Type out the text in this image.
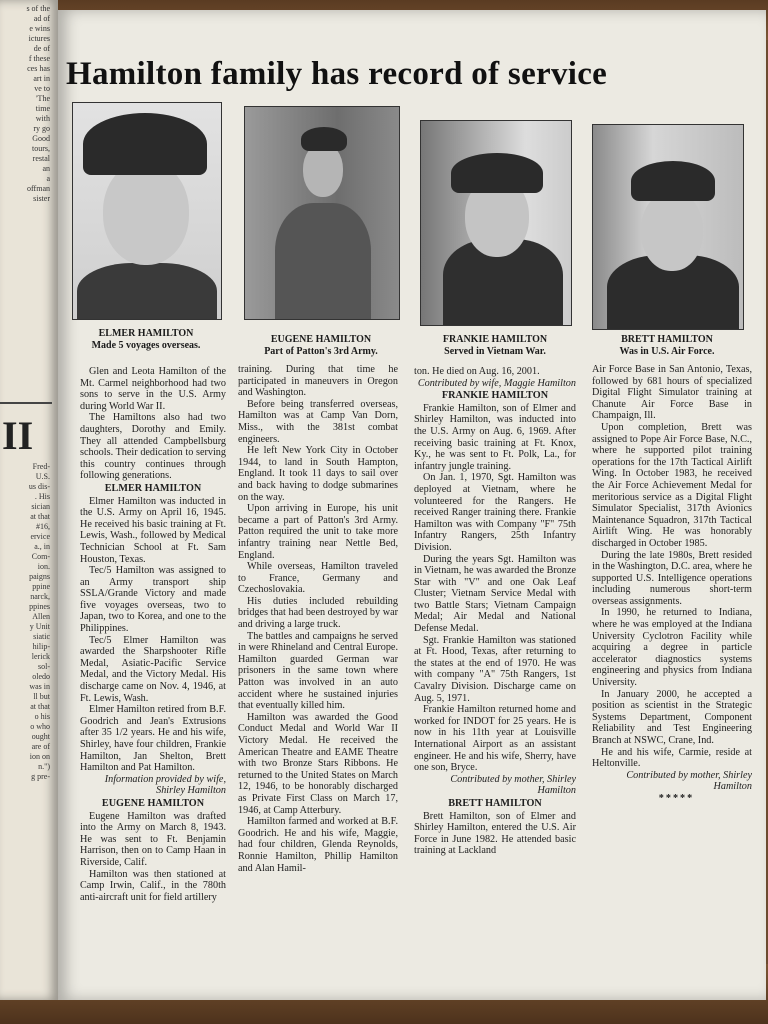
s of the
ad of
e wins
ictures
de of
f these
ces has
art in
ve to
'The
time
with
ry go
Good
tours,
restal
an
a
offman
sister
II
Fred-
U.S.
us dis-
. His
sician
at that
#16,
ervice
a., in
Com-
ion.
paigns
ppine
narck,
ppines
Allen
y Unit
siatic
hilip-
lerick
sol-
oledo
was in
ll but
at that
o his
o who
ought
are of
ion on
n.")
g pre-
Hamilton family has record of service
ELMER HAMILTON
Made 5 voyages overseas.
EUGENE HAMILTON
Part of Patton's 3rd Army.
FRANKIE HAMILTON
Served in Vietnam War.
BRETT HAMILTON
Was in U.S. Air Force.

Glen and Leota Hamilton of the Mt. Carmel neighborhood had two sons to serve in the U.S. Army during World War II.

The Hamiltons also had two daughters, Dorothy and Emily. They all attended Campbellsburg schools. Their dedication to serving this country continues through following generations.

ELMER HAMILTON

Elmer Hamilton was inducted in the U.S. Army on April 16, 1945. He received his basic training at Ft. Lewis, Wash., followed by Medical Technician School at Ft. Sam Houston, Texas.

Tec/5 Hamilton was assigned to an Army transport ship SSLA/Grande Victory and made five voyages overseas, two to Japan, two to Korea, and one to the Philippines.

Tec/5 Elmer Hamilton was awarded the Sharpshooter Rifle Medal, Asiatic-Pacific Service Medal, and the Victory Medal. His discharge came on Nov. 4, 1946, at Ft. Lewis, Wash.

Elmer Hamilton retired from B.F. Goodrich and Jean's Extrusions after 35 1/2 years. He and his wife, Shirley, have four children, Frankie Hamilton, Jan Shelton, Brett Hamilton and Pat Hamilton.

Information provided by wife, Shirley Hamilton

EUGENE HAMILTON

Eugene Hamilton was drafted into the Army on March 8, 1943. He was sent to Ft. Benjamin Harrison, then on to Camp Haan in Riverside, Calif.

Hamilton was then stationed at Camp Irwin, Calif., in the 780th anti-aircraft unit for field artillery

training. During that time he participated in maneuvers in Oregon and Washington.

Before being transferred overseas, Hamilton was at Camp Van Dorn, Miss., with the 381st combat engineers.

He left New York City in October 1944, to land in South Hampton, England. It took 11 days to sail over and back having to dodge submarines on the way.

Upon arriving in Europe, his unit became a part of Patton's 3rd Army. Patton required the unit to take more infantry training near Nettle Bed, England.

While overseas, Hamilton traveled to France, Germany and Czechoslovakia.

His duties included rebuilding bridges that had been destroyed by war and driving a large truck.

The battles and campaigns he served in were Rhineland and Central Europe. Hamilton guarded German war prisoners in the same town where Patton was involved in an auto accident where he sustained injuries that eventually killed him.

Hamilton was awarded the Good Conduct Medal and World War II Victory Medal. He received the American Theatre and EAME Theatre with two Bronze Stars Ribbons. He returned to the United States on March 12, 1946, to be honorably discharged as Private First Class on March 17, 1946, at Camp Atterbury.

Hamilton farmed and worked at B.F. Goodrich. He and his wife, Maggie, had four children, Glenda Reynolds, Ronnie Hamilton, Phillip Hamilton and Alan Hamil-

ton. He died on Aug. 16, 2001.

Contributed by wife, Maggie Hamilton

FRANKIE HAMILTON

Frankie Hamilton, son of Elmer and Shirley Hamilton, was inducted into the U.S. Army on Aug. 6, 1969. After receiving basic training at Ft. Knox, Ky., he was sent to Ft. Polk, La., for infantry jungle training.

On Jan. 1, 1970, Sgt. Hamilton was deployed at Vietnam, where he volunteered for the Rangers. He received Ranger training there. Frankie Hamilton was with Company "F" 75th Infantry Rangers, 25th Infantry Division.

During the years Sgt. Hamilton was in Vietnam, he was awarded the Bronze Star with "V" and one Oak Leaf Cluster; Vietnam Service Medal with two Battle Stars; Vietnam Campaign Medal; Air Medal and National Defense Medal.

Sgt. Frankie Hamilton was stationed at Ft. Hood, Texas, after returning to the states at the end of 1970. He was with company "A" 75th Rangers, 1st Cavalry Division. Discharge came on Aug. 5, 1971.

Frankie Hamilton returned home and worked for INDOT for 25 years. He is now in his 11th year at Louisville International Airport as an assistant engineer. He and his wife, Sherry, have one son, Bryce.

Contributed by mother, Shirley Hamilton

BRETT HAMILTON

Brett Hamilton, son of Elmer and Shirley Hamilton, entered the U.S. Air Force in June 1982. He attended basic training at Lackland

Air Force Base in San Antonio, Texas, followed by 681 hours of specialized Digital Flight Simulator training at Chanute Air Force Base in Champaign, Ill.

Upon completion, Brett was assigned to Pope Air Force Base, N.C., where he supported pilot training operations for the 17th Tactical Airlift Wing. In October 1983, he received the Air Force Achievement Medal for meritorious service as a Digital Flight Simulator Specialist, 317th Avionics Maintenance Squadron, 317th Tactical Airlift Wing. He was honorably discharged in October 1985.

During the late 1980s, Brett resided in the Washington, D.C. area, where he supported U.S. Intelligence operations including numerous short-term overseas assignments.

In 1990, he returned to Indiana, where he was employed at the Indiana University Cyclotron Facility while acquiring a degree in particle accelerator diagnostics systems engineering and physics from Indiana University.

In January 2000, he accepted a position as scientist in the Strategic Systems Department, Component Reliability and Test Engineering Branch at NSWC, Crane, Ind.

He and his wife, Carmie, reside at Heltonville.

Contributed by mother, Shirley Hamilton

*****
